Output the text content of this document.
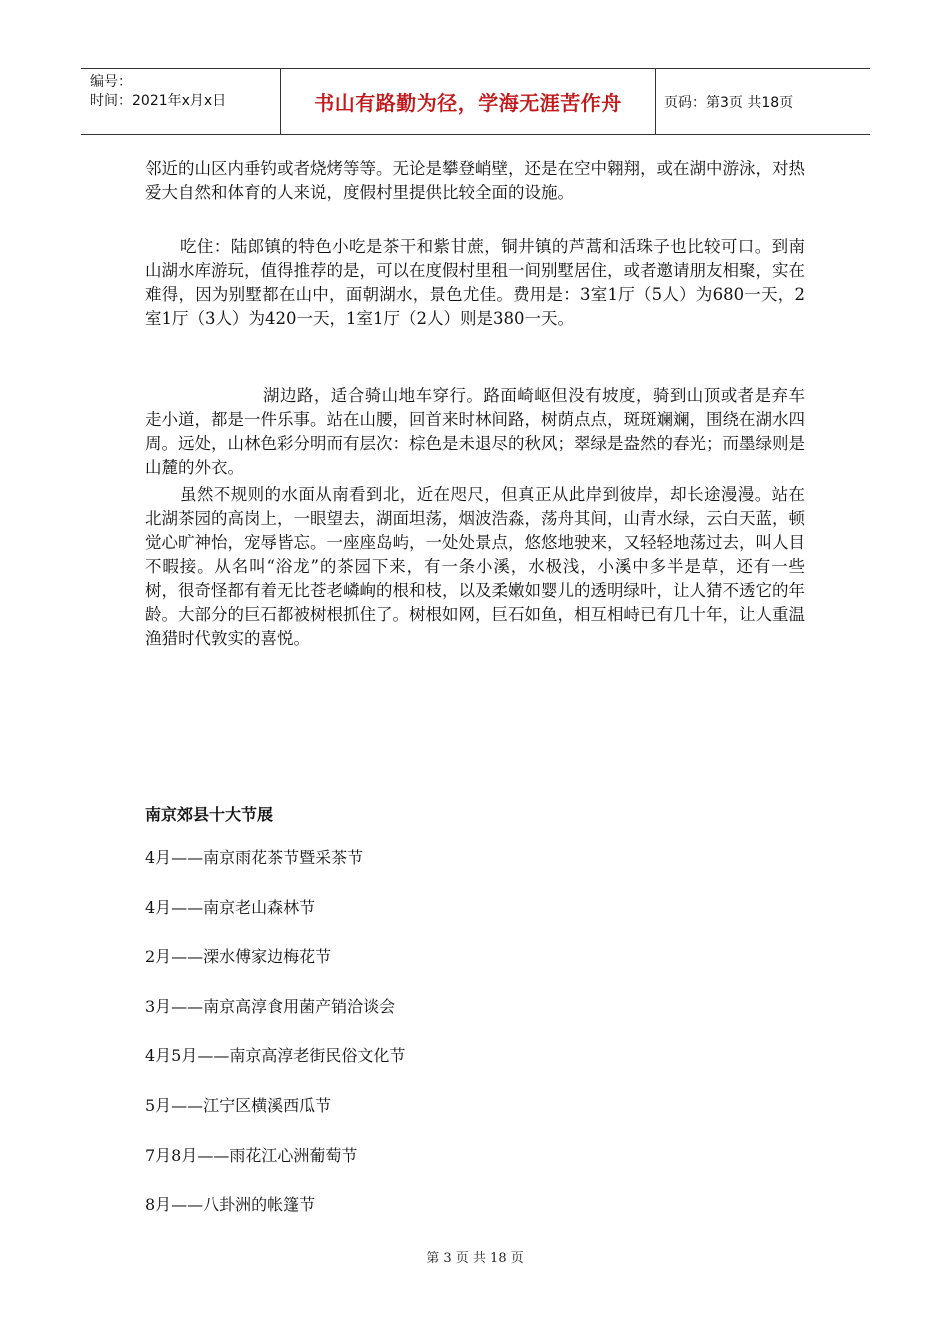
编号：
时间：2021年x月x日	书山有路勤为径，学海无涯苦作舟	页码：第3页 共18页
邻近的山区内垂钓或者烧烤等等。无论是攀登峭壁，还是在空中翱翔，或在湖中游泳，对热爱大自然和体育的人来说，度假村里提供比较全面的设施。
吃住：陆郎镇的特色小吃是茶干和紫甘蔗，铜井镇的芦蒿和活珠子也比较可口。到南山湖水库游玩，值得推荐的是，可以在度假村里租一间别墅居住，或者邀请朋友相聚，实在难得，因为别墅都在山中，面朝湖水，景色尤佳。费用是：3室1厅（5人）为680一天，2室1厅（3人）为420一天，1室1厅（2人）则是380一天。
湖边路，适合骑山地车穿行。路面崎岖但没有坡度，骑到山顶或者是弃车走小道，都是一件乐事。站在山腰，回首来时林间路，树荫点点，斑斑斓斓，围绕在湖水四周。远处，山林色彩分明而有层次：棕色是未退尽的秋风；翠绿是盎然的春光；而墨绿则是山麓的外衣。
虽然不规则的水面从南看到北，近在咫尺，但真正从此岸到彼岸，却长途漫漫。站在北湖茶园的高岗上，一眼望去，湖面坦荡，烟波浩淼，荡舟其间，山青水绿，云白天蓝，顿觉心旷神怡，宠辱皆忘。一座座岛屿，一处处景点，悠悠地驶来，又轻轻地荡过去，叫人目不暇接。从名叫“浴龙”的茶园下来，有一条小溪，水极浅，小溪中多半是草，还有一些树，很奇怪都有着无比苍老嶙峋的根和枝，以及柔嫩如婴儿的透明绿叶，让人猜不透它的年龄。大部分的巨石都被树根抓住了。树根如网，巨石如鱼，相互相峙已有几十年，让人重温渔猎时代敦实的喜悦。
南京郊县十大节展
4月——南京雨花茶节暨采茶节
4月——南京老山森林节
2月——溧水傅家边梅花节
3月——南京高淳食用菌产销洽谈会
4月5月——南京高淳老街民俗文化节
5月——江宁区横溪西瓜节
7月8月——雨花江心洲葡萄节
8月——八卦洲的帐篷节
第 3 页 共 18 页
